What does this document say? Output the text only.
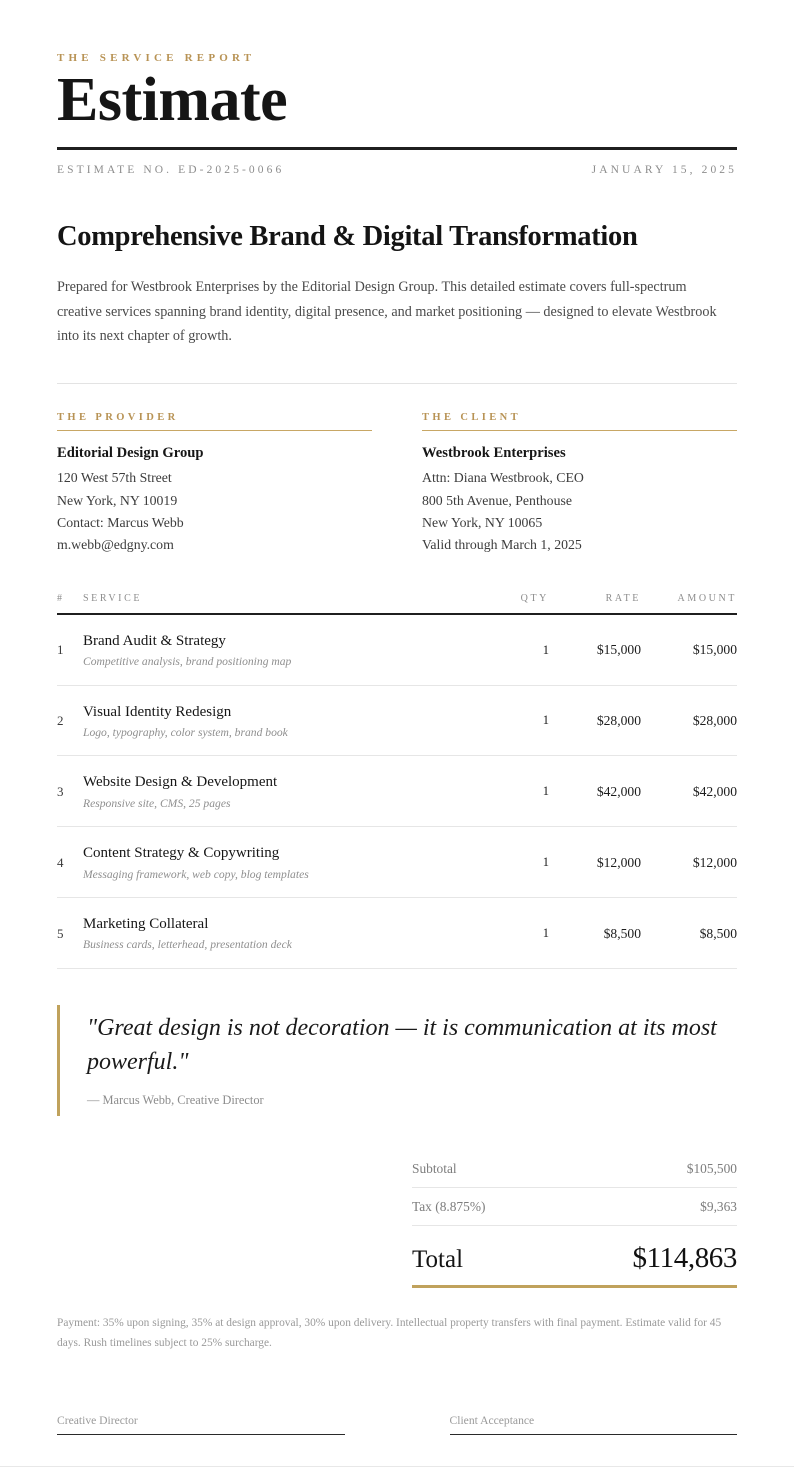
THE SERVICE REPORT
Estimate
ESTIMATE NO. ED-2025-0066	JANUARY 15, 2025
Comprehensive Brand & Digital Transformation

Prepared for Westbrook Enterprises by the Editorial Design Group. This detailed estimate covers full-spectrum creative services spanning brand identity, digital presence, and market positioning — designed to elevate Westbrook into its next chapter of growth.

THE PROVIDER
Editorial Design Group
120 West 57th Street
New York, NY 10019
Contact: Marcus Webb
m.webb@edgny.com
THE CLIENT
Westbrook Enterprises
Attn: Diana Westbrook, CEO
800 5th Avenue, Penthouse
New York, NY 10065
Valid through March 1, 2025
#	SERVICE	QTY	RATE	AMOUNT
1	Brand Audit & Strategy
Competitive analysis, brand positioning map	1	$15,000	$15,000
2	Visual Identity Redesign
Logo, typography, color system, brand book	1	$28,000	$28,000
3	Website Design & Development
Responsive site, CMS, 25 pages	1	$42,000	$42,000
4	Content Strategy & Copywriting
Messaging framework, web copy, blog templates	1	$12,000	$12,000
5	Marketing Collateral
Business cards, letterhead, presentation deck	1	$8,500	$8,500

"Great design is not decoration — it is communication at its most powerful."

— Marcus Webb, Creative Director
Subtotal	$105,500
Tax (8.875%)	$9,363
Total	$114,863
Payment: 35% upon signing, 35% at design approval, 30% upon delivery. Intellectual property transfers with final payment. Estimate valid for 45 days. Rush timelines subject to 25% surcharge.
Creative Director	Client Acceptance
